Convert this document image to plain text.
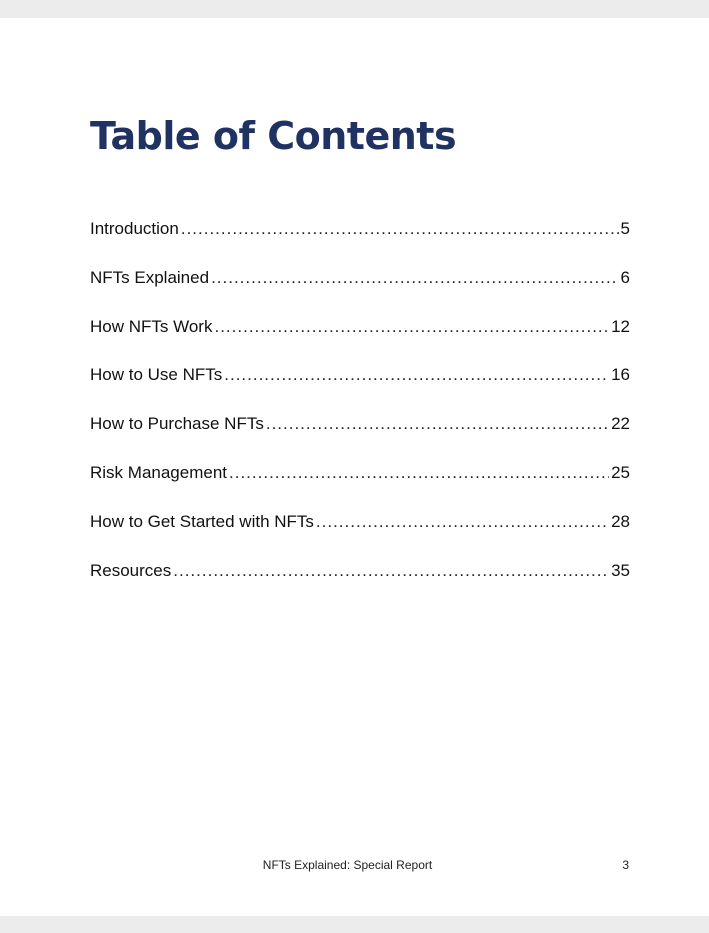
Table of Contents
Introduction .....	5
NFTs Explained .....	6
How NFTs Work .....	12
How to Use NFTs .....	16
How to Purchase NFTs .....	22
Risk Management .....	25
How to Get Started with NFTs .....	28
Resources .....	35
NFTs Explained: Special Report	3
